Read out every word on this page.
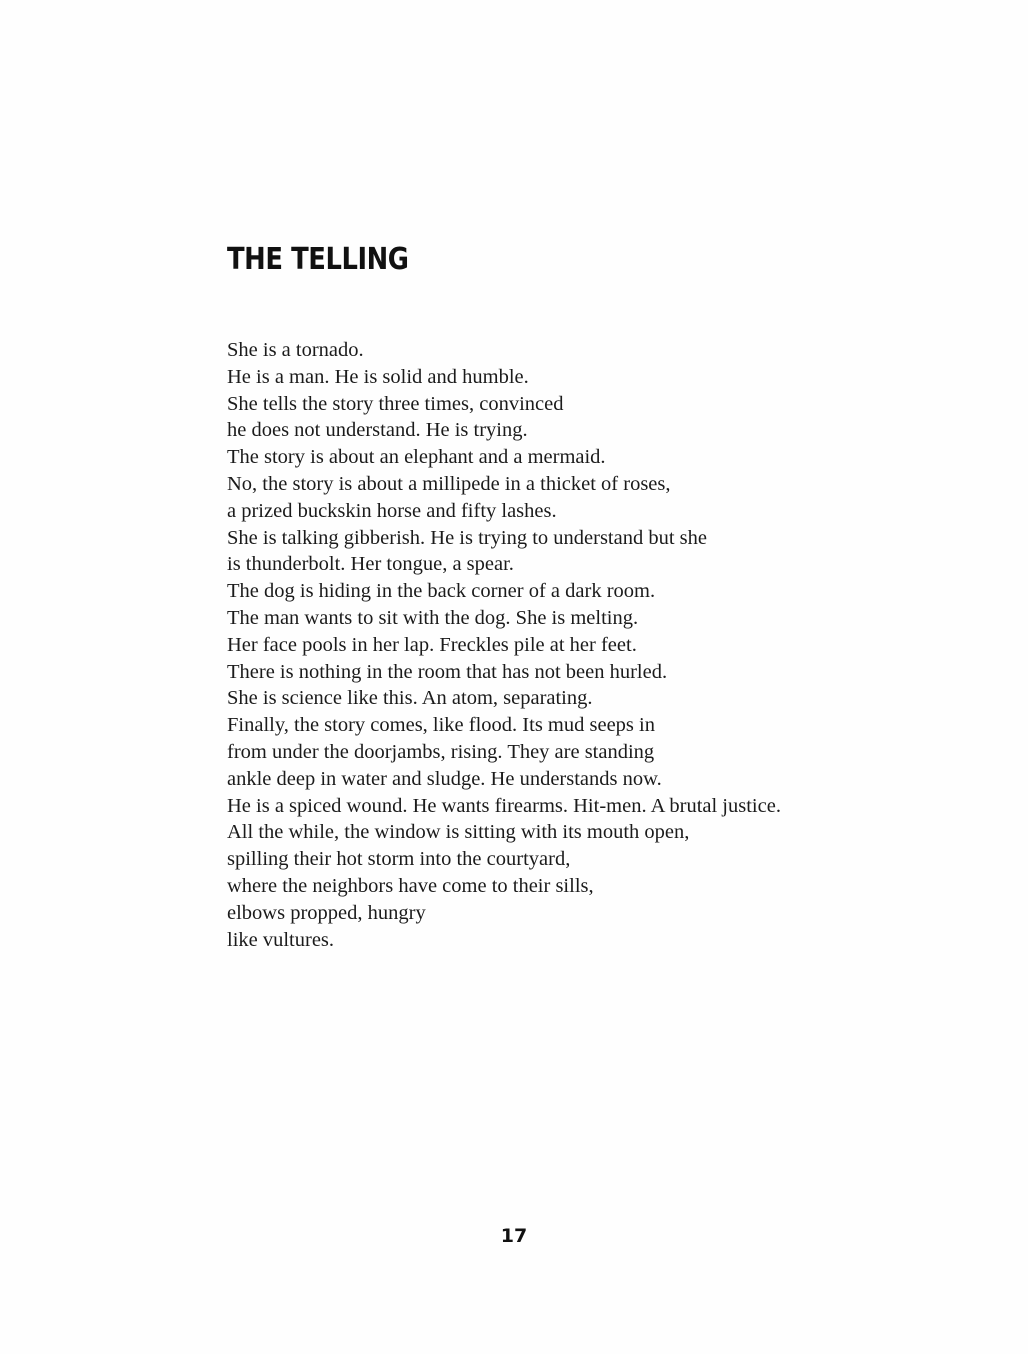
THE TELLING
She is a tornado.
He is a man. He is solid and humble.
She tells the story three times, convinced
he does not understand. He is trying.
The story is about an elephant and a mermaid.
No, the story is about a millipede in a thicket of roses,
a prized buckskin horse and fifty lashes.
She is talking gibberish. He is trying to understand but she
is thunderbolt. Her tongue, a spear.
The dog is hiding in the back corner of a dark room.
The man wants to sit with the dog. She is melting.
Her face pools in her lap. Freckles pile at her feet.
There is nothing in the room that has not been hurled.
She is science like this. An atom, separating.
Finally, the story comes, like flood. Its mud seeps in
from under the doorjambs, rising. They are standing
ankle deep in water and sludge. He understands now.
He is a spiced wound. He wants firearms. Hit-men. A brutal justice.
All the while, the window is sitting with its mouth open,
spilling their hot storm into the courtyard,
where the neighbors have come to their sills,
elbows propped, hungry
like vultures.
17
